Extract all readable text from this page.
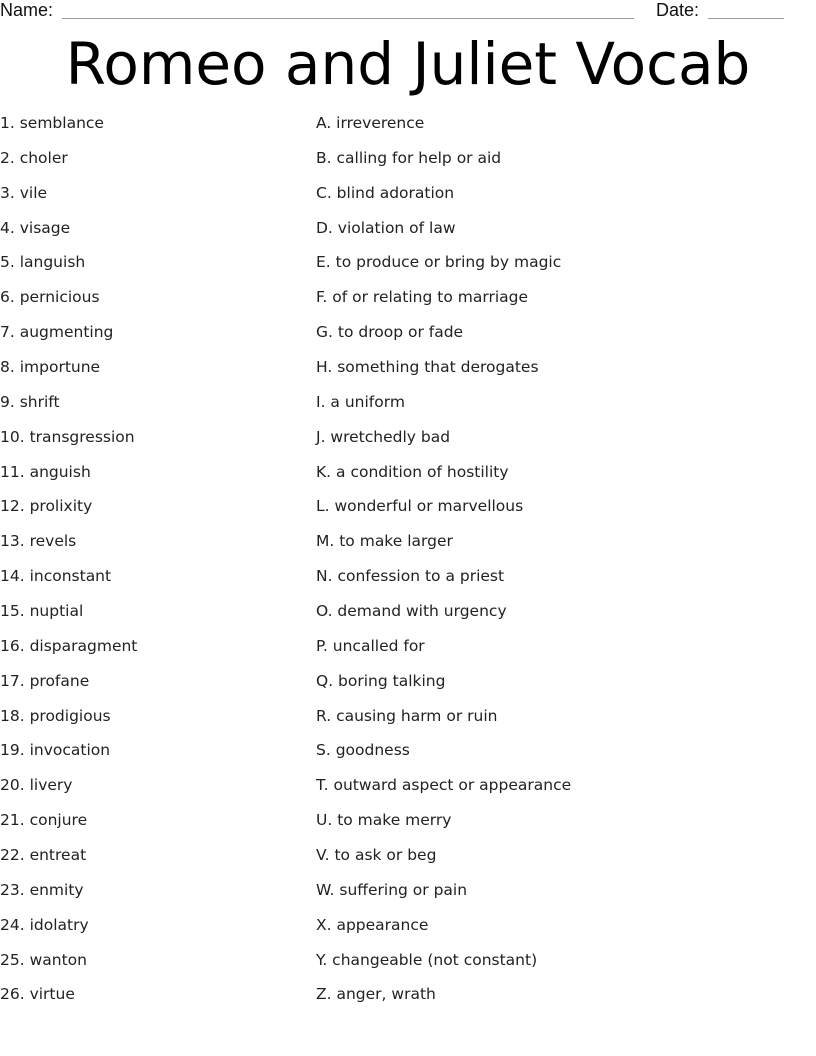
Name:	Date:
Romeo and Juliet Vocab
1. semblance
2. choler
3. vile
4. visage
5. languish
6. pernicious
7. augmenting
8. importune
9. shrift
10. transgression
11. anguish
12. prolixity
13. revels
14. inconstant
15. nuptial
16. disparagment
17. profane
18. prodigious
19. invocation
20. livery
21. conjure
22. entreat
23. enmity
24. idolatry
25. wanton
26. virtue
A. irreverence
B. calling for help or aid
C. blind adoration
D. violation of law
E. to produce or bring by magic
F. of or relating to marriage
G. to droop or fade
H. something that derogates
I. a uniform
J. wretchedly bad
K. a condition of hostility
L. wonderful or marvellous
M. to make larger
N. confession to a priest
O. demand with urgency
P. uncalled for
Q. boring talking
R. causing harm or ruin
S. goodness
T. outward aspect or appearance
U. to make merry
V. to ask or beg
W. suffering or pain
X. appearance
Y. changeable (not constant)
Z. anger, wrath
